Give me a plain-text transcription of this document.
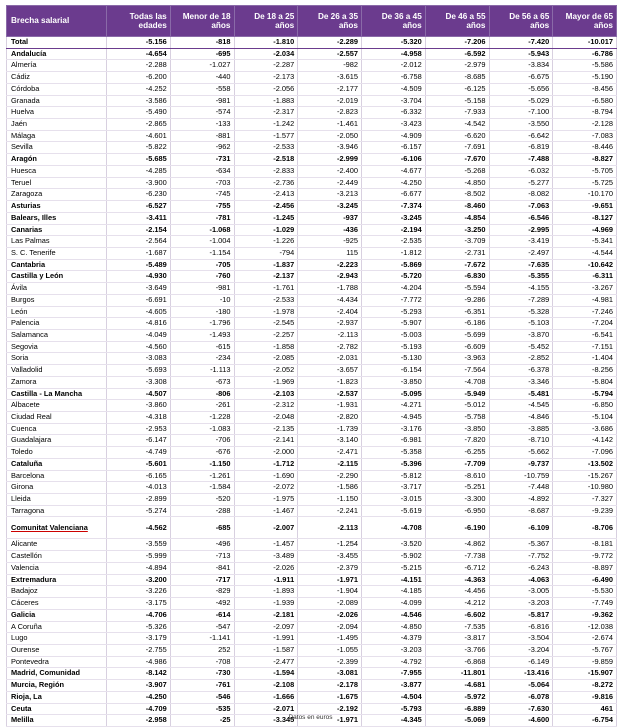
Brecha salarial	Todas las edades	Menor de 18 años	De 18 a 25 años	De 26 a 35 años	De 36 a 45 años	De 46 a 55 años	De 56 a 65 años	Mayor de 65 años
Total	-5.156	-818	-1.810	-2.289	-5.320	-7.206	-7.420	-10.017
Andalucía	-4.654	-695	-2.034	-2.557	-4.958	-6.592	-5.943	-6.786
Almería	-2.288	-1.027	-2.287	-982	-2.012	-2.979	-3.834	-5.586
Cádiz	-6.200	-440	-2.173	-3.615	-6.758	-8.685	-6.675	-5.190
Córdoba	-4.252	-558	-2.056	-2.177	-4.509	-6.125	-5.656	-8.456
Granada	-3.586	-981	-1.883	-2.019	-3.704	-5.158	-5.029	-6.580
Huelva	-5.490	-574	-2.317	-2.823	-6.332	-7.933	-7.100	-8.794
Jaén	-2.865	-133	-1.242	-1.461	-3.423	-4.542	-3.550	-2.128
Málaga	-4.601	-881	-1.577	-2.050	-4.909	-6.620	-6.642	-7.083
Sevilla	-5.822	-962	-2.533	-3.946	-6.157	-7.691	-6.819	-8.446
Aragón	-5.685	-731	-2.518	-2.999	-6.106	-7.670	-7.488	-8.827
Huesca	-4.285	-634	-2.833	-2.400	-4.677	-5.268	-6.032	-5.705
Teruel	-3.900	-703	-2.736	-2.449	-4.250	-4.850	-5.277	-5.725
Zaragoza	-6.230	-745	-2.413	-3.213	-6.677	-8.502	-8.082	-10.170
Asturias	-6.527	-755	-2.456	-3.245	-7.374	-8.460	-7.063	-9.651
Balears, Illes	-3.411	-781	-1.245	-937	-3.245	-4.854	-6.546	-8.127
Canarias	-2.154	-1.068	-1.029	-436	-2.194	-3.250	-2.995	-4.969
Las Palmas	-2.564	-1.004	-1.226	-925	-2.535	-3.709	-3.419	-5.341
S. C. Tenerife	-1.687	-1.154	-794	115	-1.812	-2.731	-2.497	-4.544
Cantabria	-5.489	-705	-1.837	-2.223	-5.869	-7.672	-7.635	-10.642
Castilla y León	-4.930	-760	-2.137	-2.943	-5.720	-6.830	-5.355	-6.311
Ávila	-3.649	-981	-1.761	-1.788	-4.204	-5.594	-4.155	-3.267
Burgos	-6.691	-10	-2.533	-4.434	-7.772	-9.286	-7.289	-4.981
León	-4.605	-180	-1.978	-2.404	-5.293	-6.351	-5.328	-7.246
Palencia	-4.816	-1.796	-2.545	-2.937	-5.907	-6.186	-5.103	-7.204
Salamanca	-4.049	-1.493	-2.257	-2.113	-5.003	-5.699	-3.870	-6.541
Segovia	-4.560	-615	-1.858	-2.782	-5.193	-6.609	-5.452	-7.151
Soria	-3.083	-234	-2.085	-2.031	-5.130	-3.963	-2.852	-1.404
Valladolid	-5.693	-1.113	-2.052	-3.657	-6.154	-7.564	-6.378	-8.256
Zamora	-3.308	-673	-1.969	-1.823	-3.850	-4.708	-3.346	-5.804
Castilla - La Mancha	-4.507	-806	-2.103	-2.537	-5.095	-5.949	-5.481	-5.794
Albacete	-3.860	-261	-2.312	-1.931	-4.271	-5.012	-4.545	-6.850
Ciudad Real	-4.318	-1.228	-2.048	-2.820	-4.945	-5.758	-4.846	-5.104
Cuenca	-2.953	-1.083	-2.135	-1.739	-3.176	-3.850	-3.885	-3.686
Guadalajara	-6.147	-706	-2.141	-3.140	-6.981	-7.820	-8.710	-4.142
Toledo	-4.749	-676	-2.000	-2.471	-5.358	-6.255	-5.662	-7.096
Cataluña	-5.601	-1.150	-1.712	-2.115	-5.396	-7.709	-9.737	-13.502
Barcelona	-6.165	-1.261	-1.690	-2.290	-5.812	-8.610	-10.759	-15.267
Girona	-4.013	-1.584	-2.072	-1.586	-3.717	-5.251	-7.448	-10.980
Lleida	-2.899	-520	-1.975	-1.150	-3.015	-3.300	-4.892	-7.327
Tarragona	-5.274	-288	-1.467	-2.241	-5.619	-6.950	-8.687	-9.239
Comunitat Valenciana	-4.562	-685	-2.007	-2.113	-4.708	-6.190	-6.109	-8.706
Alicante	-3.559	-496	-1.457	-1.254	-3.520	-4.862	-5.367	-8.181
Castellón	-5.999	-713	-3.489	-3.455	-5.902	-7.738	-7.752	-9.772
Valencia	-4.894	-841	-2.026	-2.379	-5.215	-6.712	-6.243	-8.897
Extremadura	-3.200	-717	-1.911	-1.971	-4.151	-4.363	-4.063	-6.490
Badajoz	-3.226	-829	-1.893	-1.904	-4.185	-4.456	-3.005	-5.530
Cáceres	-3.175	-492	-1.939	-2.089	-4.099	-4.212	-3.203	-7.749
Galicia	-4.706	-614	-2.181	-2.026	-4.546	-6.602	-5.817	-9.362
A Coruña	-5.326	-547	-2.097	-2.094	-4.850	-7.535	-6.816	-12.038
Lugo	-3.179	-1.141	-1.991	-1.495	-4.379	-3.817	-3.504	-2.674
Ourense	-2.755	252	-1.587	-1.055	-3.203	-3.766	-3.204	-5.767
Pontevedra	-4.986	-708	-2.477	-2.399	-4.792	-6.868	-6.149	-9.859
Madrid, Comunidad	-8.142	-730	-1.594	-3.081	-7.955	-11.801	-13.416	-15.907
Murcia, Región	-3.907	-761	-2.108	-2.178	-3.877	-4.681	-5.064	-8.272
Rioja, La	-4.250	-546	-1.666	-1.675	-4.504	-5.972	-6.078	-9.816
Ceuta	-4.709	-535	-2.071	-2.192	-5.793	-6.889	-7.630	461
Melilla	-2.958	-25	-3.345	-1.971	-4.345	-5.069	-4.600	-6.754
Datos en euros
